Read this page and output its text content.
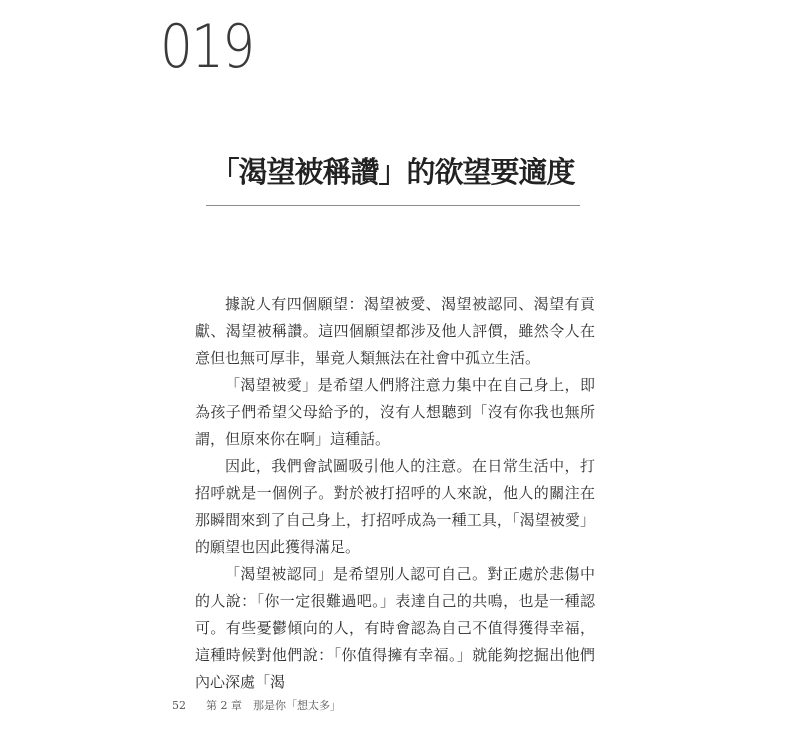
019
「渴望被稱讚」的欲望要適度

據說人有四個願望：渴望被愛、渴望被認同、渴望有貢獻、渴望被稱讚。這四個願望都涉及他人評價，雖然令人在意但也無可厚非，畢竟人類無法在社會中孤立生活。

「渴望被愛」是希望人們將注意力集中在自己身上，即為孩子們希望父母給予的，沒有人想聽到「沒有你我也無所謂，但原來你在啊」這種話。

因此，我們會試圖吸引他人的注意。在日常生活中，打招呼就是一個例子。對於被打招呼的人來說，他人的關注在那瞬間來到了自己身上，打招呼成為一種工具，「渴望被愛」的願望也因此獲得滿足。

「渴望被認同」是希望別人認可自己。對正處於悲傷中的人說：「你一定很難過吧。」表達自己的共鳴，也是一種認可。有些憂鬱傾向的人，有時會認為自己不值得獲得幸福，這種時候對他們說：「你值得擁有幸福。」就能夠挖掘出他們內心深處「渴

52 第 2 章　那是你「想太多」
